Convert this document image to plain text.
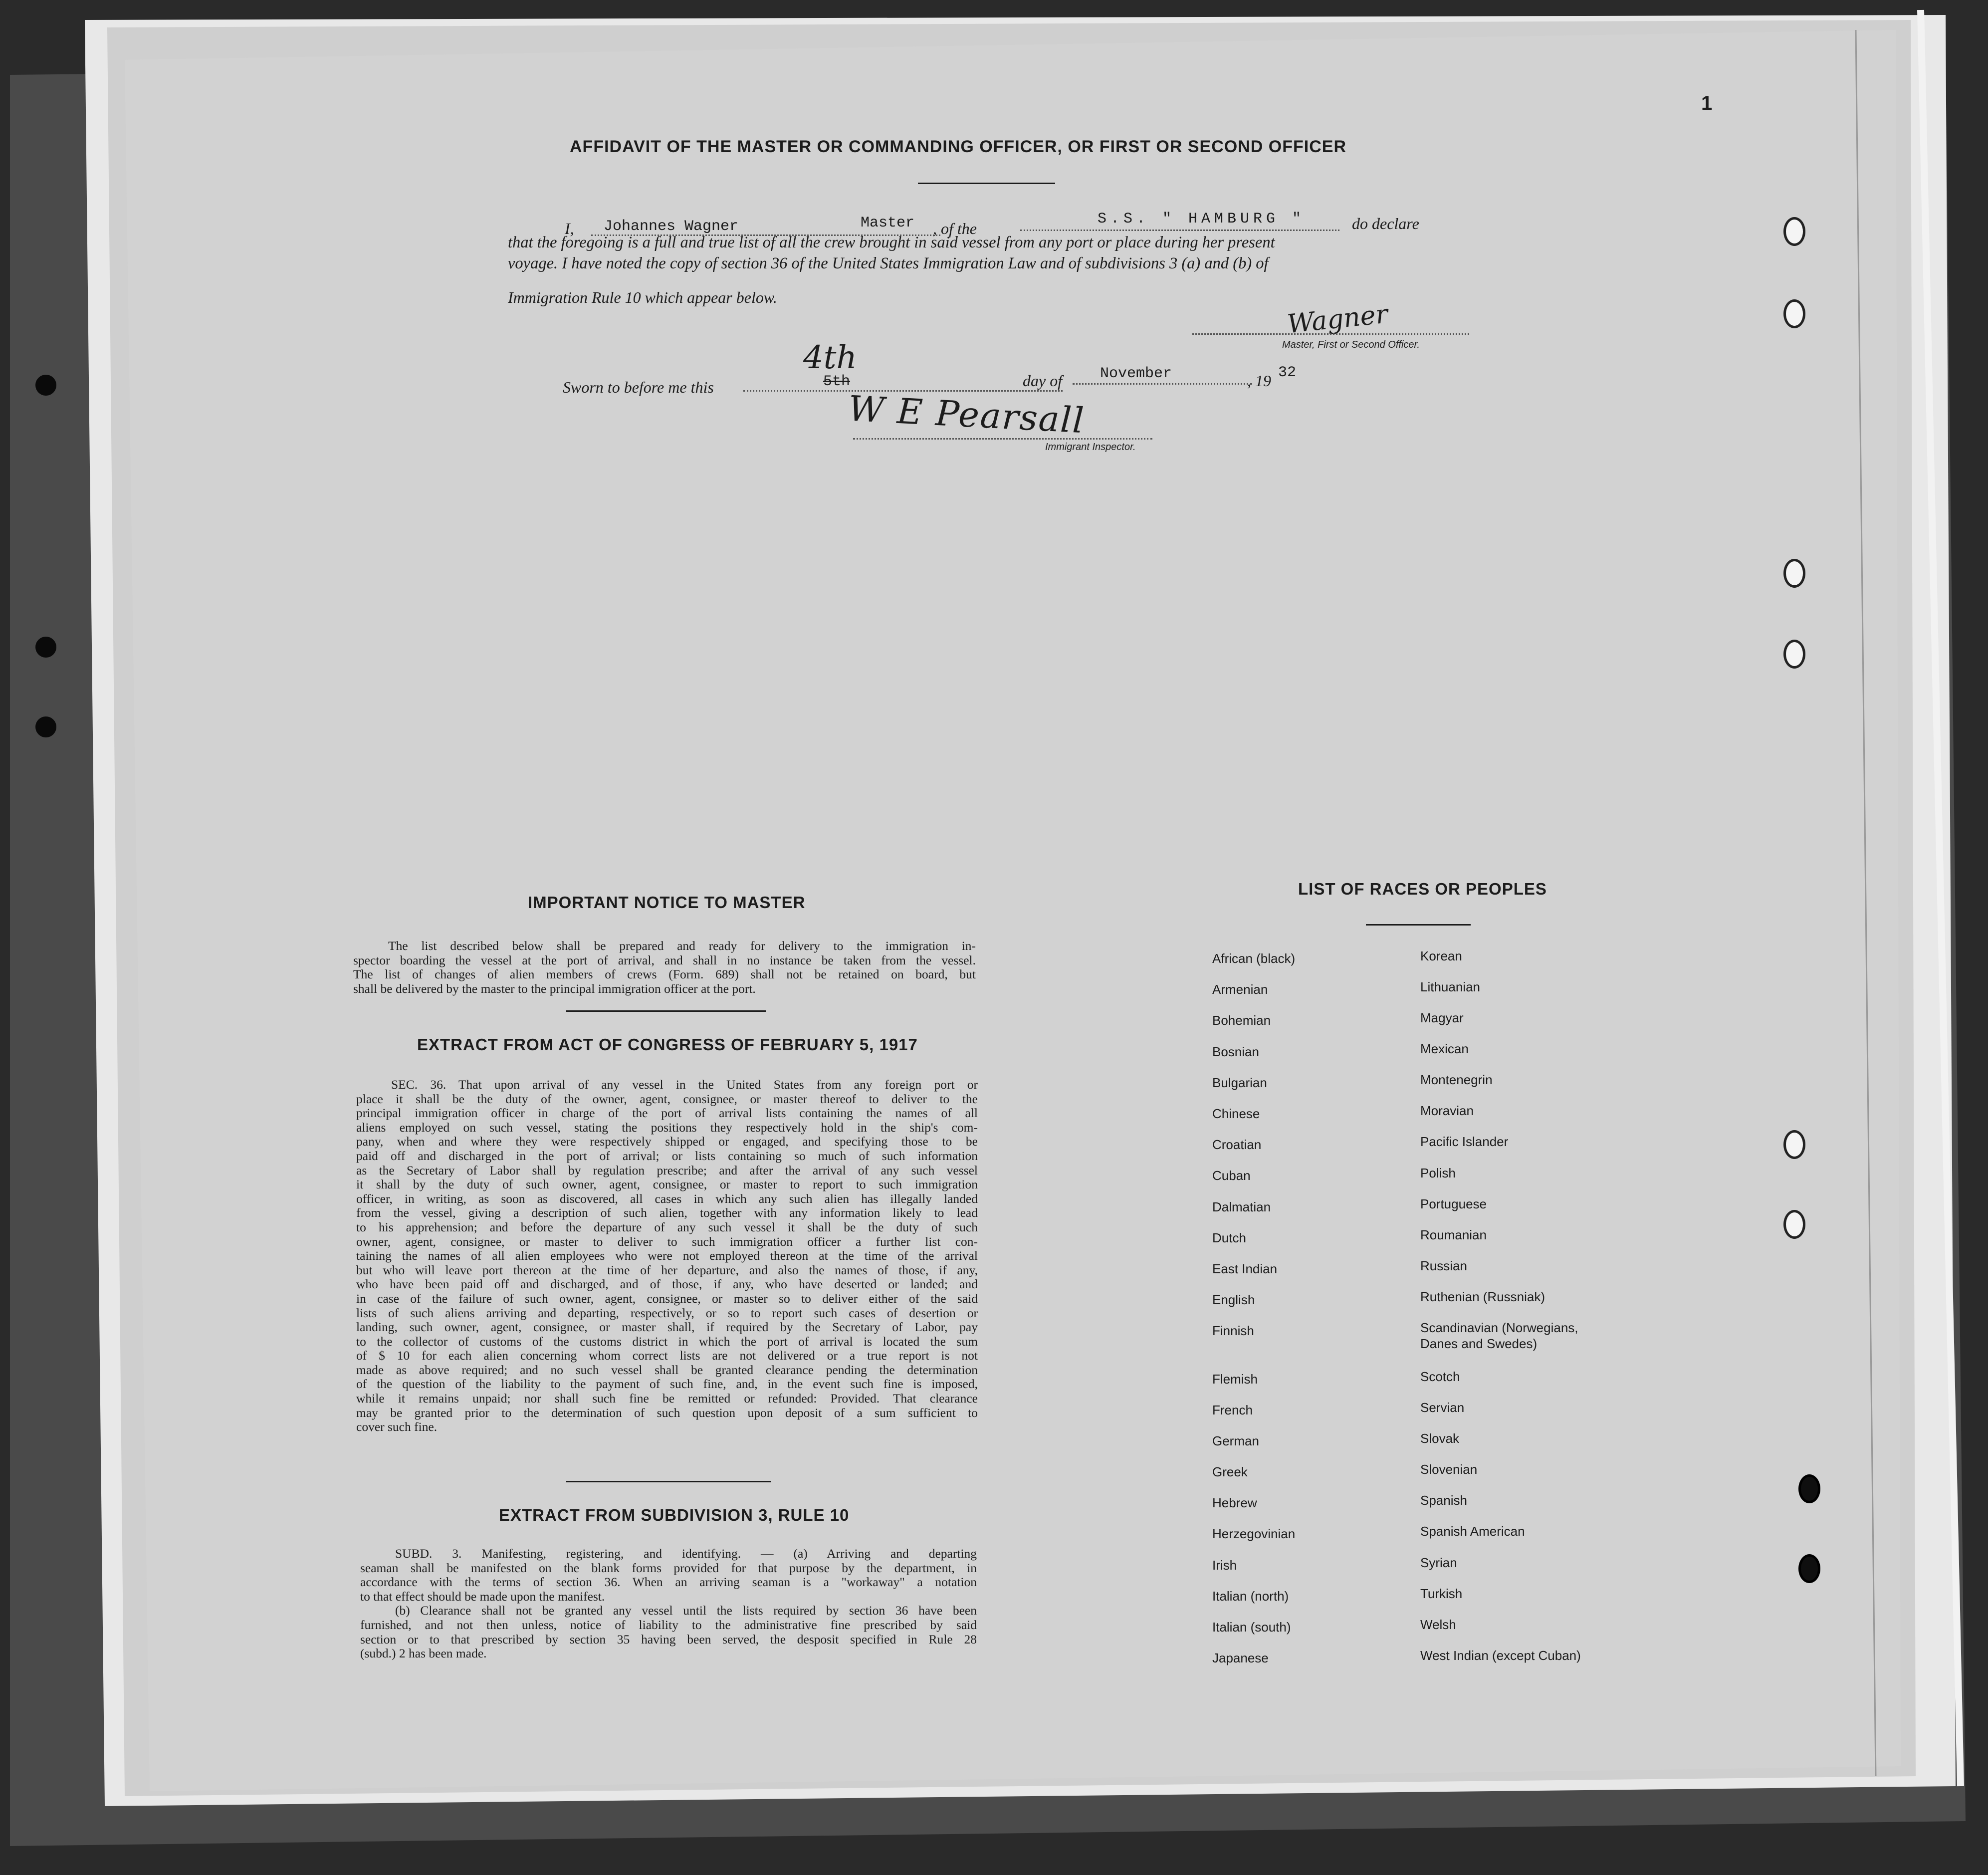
1
AFFIDAVIT OF THE MASTER OR COMMANDING OFFICER, OR FIRST OR SECOND OFFICER
I, Johannes Wagner	Master , of the
S.S. " HAMBURG "	do declare
that the foregoing is a full and true list of all the crew brought in said vessel from any port or place during her present
voyage. I have noted the copy of section 36 of the United States Immigration Law and of subdivisions 3 (a) and (b) of
Immigration Rule 10 which appear below.
Wagner
Master, First or Second Officer.
Sworn to before me this
4th
5th	day of	November	, 19 32
W E Pearsall
Immigrant Inspector.
IMPORTANT NOTICE TO MASTER

The list described below shall be prepared and ready for delivery to the immigration in-

spector boarding the vessel at the port of arrival, and shall in no instance be taken from the vessel.

The list of changes of alien members of crews (Form. 689) shall not be retained on board, but

shall be delivered by the master to the principal immigration officer at the port.

EXTRACT FROM ACT OF CONGRESS OF FEBRUARY 5, 1917

SEC. 36. That upon arrival of any vessel in the United States from any foreign port or

place it shall be the duty of the owner, agent, consignee, or master thereof to deliver to the

principal immigration officer in charge of the port of arrival lists containing the names of all

aliens employed on such vessel, stating the positions they respectively hold in the ship's com-

pany, when and where they were respectively shipped or engaged, and specifying those to be

paid off and discharged in the port of arrival; or lists containing so much of such information

as the Secretary of Labor shall by regulation prescribe; and after the arrival of any such vessel

it shall by the duty of such owner, agent, consignee, or master to report to such immigration

officer, in writing, as soon as discovered, all cases in which any such alien has illegally landed

from the vessel, giving a description of such alien, together with any information likely to lead

to his apprehension; and before the departure of any such vessel it shall be the duty of such

owner, agent, consignee, or master to deliver to such immigration officer a further list con-

taining the names of all alien employees who were not employed thereon at the time of the arrival

but who will leave port thereon at the time of her departure, and also the names of those, if any,

who have been paid off and discharged, and of those, if any, who have deserted or landed; and

in case of the failure of such owner, agent, consignee, or master so to deliver either of the said

lists of such aliens arriving and departing, respectively, or so to report such cases of desertion or

landing, such owner, agent, consignee, or master shall, if required by the Secretary of Labor, pay

to the collector of customs of the customs district in which the port of arrival is located the sum

of $ 10 for each alien concerning whom correct lists are not delivered or a true report is not

made as above required; and no such vessel shall be granted clearance pending the determination

of the question of the liability to the payment of such fine, and, in the event such fine is imposed,

while it remains unpaid; nor shall such fine be remitted or refunded: Provided. That clearance

may be granted prior to the determination of such question upon deposit of a sum sufficient to

cover such fine.

EXTRACT FROM SUBDIVISION 3, RULE 10

SUBD. 3. Manifesting, registering, and identifying. — (a) Arriving and departing

seaman shall be manifested on the blank forms provided for that purpose by the department, in

accordance with the terms of section 36. When an arriving seaman is a "workaway" a notation

to that effect should be made upon the manifest.

(b) Clearance shall not be granted any vessel until the lists required by section 36 have been

furnished, and not then unless, notice of liability to the administrative fine prescribed by said

section or to that prescribed by section 35 having been served, the desposit specified in Rule 28

(subd.) 2 has been made.

LIST OF RACES OR PEOPLES
African (black)
Armenian
Bohemian
Bosnian
Bulgarian
Chinese
Croatian
Cuban
Dalmatian
Dutch
East Indian
English
Finnish
Flemish
French
German
Greek
Hebrew
Herzegovinian
Irish
Italian (north)
Italian (south)
Japanese
Korean
Lithuanian
Magyar
Mexican
Montenegrin
Moravian
Pacific Islander
Polish
Portuguese
Roumanian
Russian
Ruthenian (Russniak)
Scandinavian (Norwegians,
Danes and Swedes)
Scotch
Servian
Slovak
Slovenian
Spanish
Spanish American
Syrian
Turkish
Welsh
West Indian (except Cuban)
